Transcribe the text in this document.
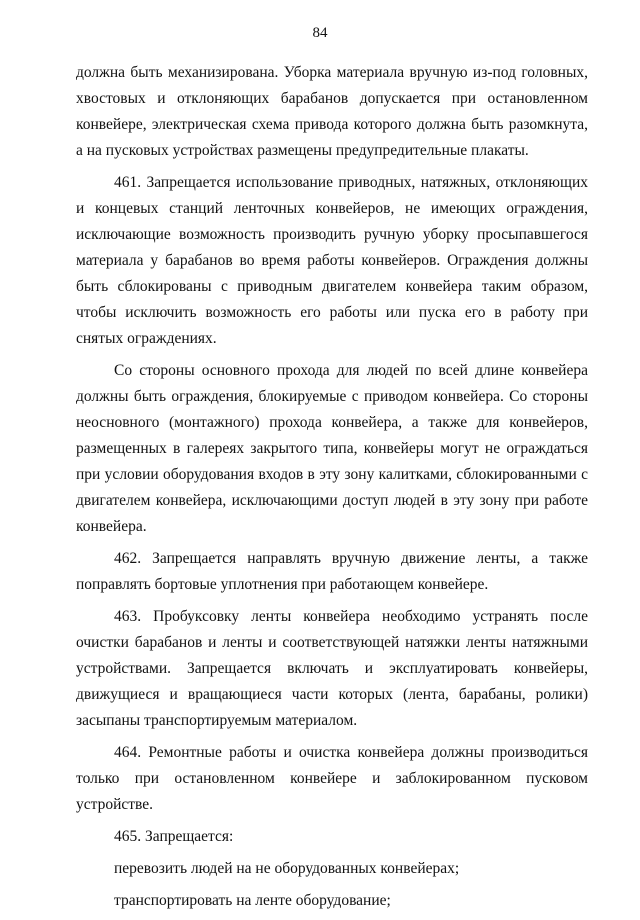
84

должна быть механизирована. Уборка материала вручную из-под головных, хвостовых и отклоняющих барабанов допускается при остановленном конвейере, электрическая схема привода которого должна быть разомкнута, а на пусковых устройствах размещены предупредительные плакаты.

461. Запрещается использование приводных, натяжных, отклоняющих и концевых станций ленточных конвейеров, не имеющих ограждения, исключающие возможность производить ручную уборку просыпавшегося материала у барабанов во время работы конвейеров. Ограждения должны быть сблокированы с приводным двигателем конвейера таким образом, чтобы исключить возможность его работы или пуска его в работу при снятых ограждениях.

Со стороны основного прохода для людей по всей длине конвейера должны быть ограждения, блокируемые с приводом конвейера. Со стороны неосновного (монтажного) прохода конвейера, а также для конвейеров, размещенных в галереях закрытого типа, конвейеры могут не ограждаться при условии оборудования входов в эту зону калитками, сблокированными с двигателем конвейера, исключающими доступ людей в эту зону при работе конвейера.

462. Запрещается направлять вручную движение ленты, а также поправлять бортовые уплотнения при работающем конвейере.

463. Пробуксовку ленты конвейера необходимо устранять после очистки барабанов и ленты и соответствующей натяжки ленты натяжными устройствами. Запрещается включать и эксплуатировать конвейеры, движущиеся и вращающиеся части которых (лента, барабаны, ролики) засыпаны транспортируемым материалом.

464. Ремонтные работы и очистка конвейера должны производиться только при остановленном конвейере и заблокированном пусковом устройстве.

465. Запрещается:

перевозить людей на не оборудованных конвейерах;

транспортировать на ленте оборудование;
